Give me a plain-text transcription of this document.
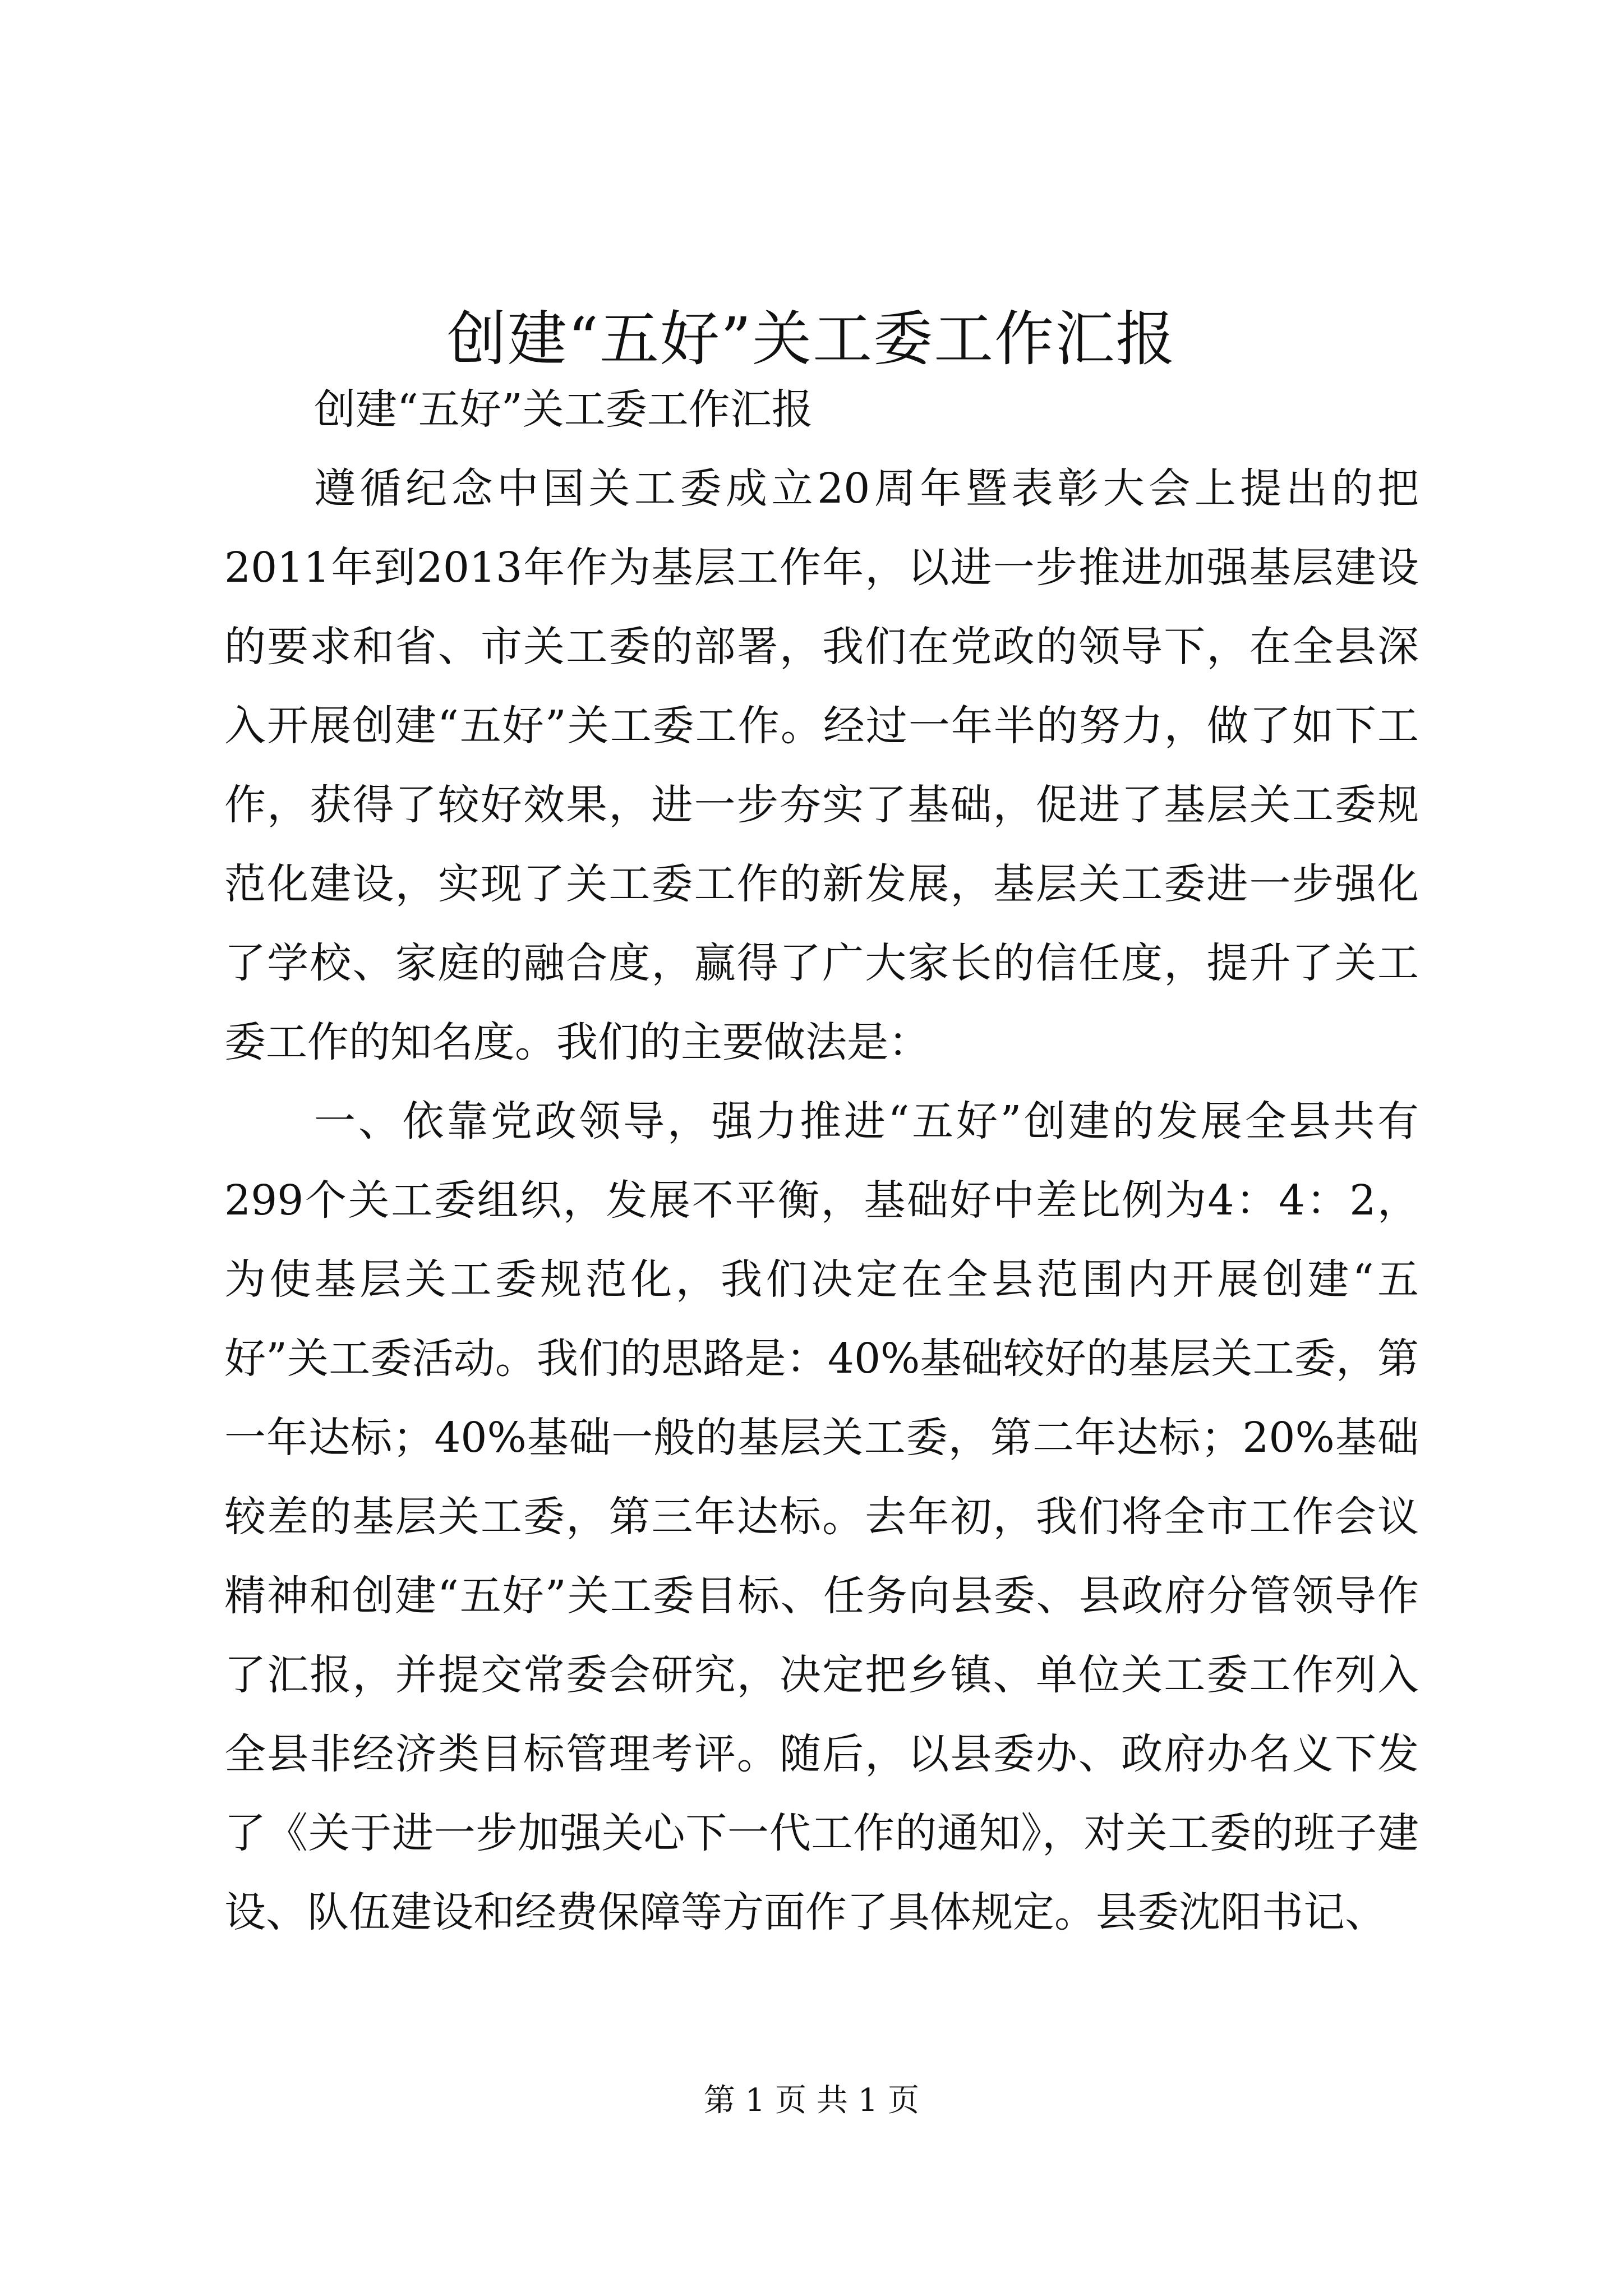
创建“五好”关工委工作汇报

创建“五好”关工委工作汇报

遵循纪念中国关工委成立20周年暨表彰大会上提出的把2011年到2013年作为基层工作年，以进一步推进加强基层建设的要求和省、市关工委的部署，我们在党政的领导下，在全县深入开展创建“五好”关工委工作。经过一年半的努力，做了如下工作，获得了较好效果，进一步夯实了基础，促进了基层关工委规范化建设，实现了关工委工作的新发展，基层关工委进一步强化了学校、家庭的融合度，赢得了广大家长的信任度，提升了关工委工作的知名度。我们的主要做法是：

一、依靠党政领导，强力推进“五好”创建的发展全县共有299个关工委组织，发展不平衡，基础好中差比例为4：4：2，为使基层关工委规范化，我们决定在全县范围内开展创建“五好”关工委活动。我们的思路是：40%基础较好的基层关工委，第一年达标；40%基础一般的基层关工委，第二年达标；20%基础较差的基层关工委，第三年达标。去年初，我们将全市工作会议精神和创建“五好”关工委目标、任务向县委、县政府分管领导作了汇报，并提交常委会研究，决定把乡镇、单位关工委工作列入全县非经济类目标管理考评。随后，以县委办、政府办名义下发了《关于进一步加强关心下一代工作的通知》，对关工委的班子建设、队伍建设和经费保障等方面作了具体规定。县委沈阳书记、

第 1 页 共 1 页
